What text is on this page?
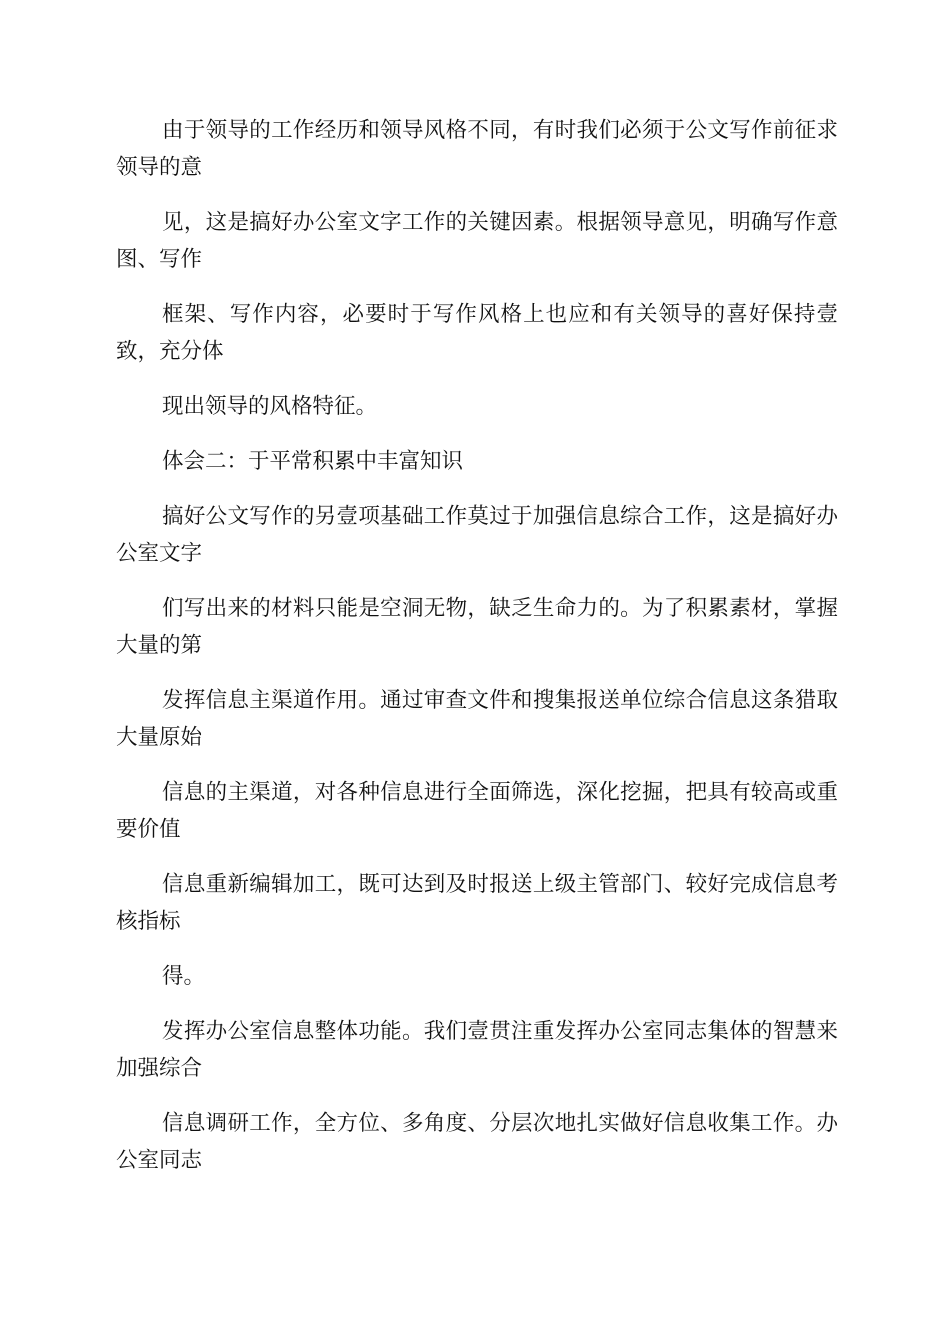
由于领导的工作经历和领导风格不同，有时我们必须于公文写作前征求领导的意

见，这是搞好办公室文字工作的关键因素。根据领导意见，明确写作意图、写作

框架、写作内容，必要时于写作风格上也应和有关领导的喜好保持壹致，充分体

现出领导的风格特征。

体会二：于平常积累中丰富知识

搞好公文写作的另壹项基础工作莫过于加强信息综合工作，这是搞好办公室文字

们写出来的材料只能是空洞无物，缺乏生命力的。为了积累素材，掌握大量的第

发挥信息主渠道作用。通过审查文件和搜集报送单位综合信息这条猎取大量原始

信息的主渠道，对各种信息进行全面筛选，深化挖掘，把具有较高或重要价值

信息重新编辑加工，既可达到及时报送上级主管部门、较好完成信息考核指标

得。

发挥办公室信息整体功能。我们壹贯注重发挥办公室同志集体的智慧来加强综合

信息调研工作，全方位、多角度、分层次地扎实做好信息收集工作。办公室同志
